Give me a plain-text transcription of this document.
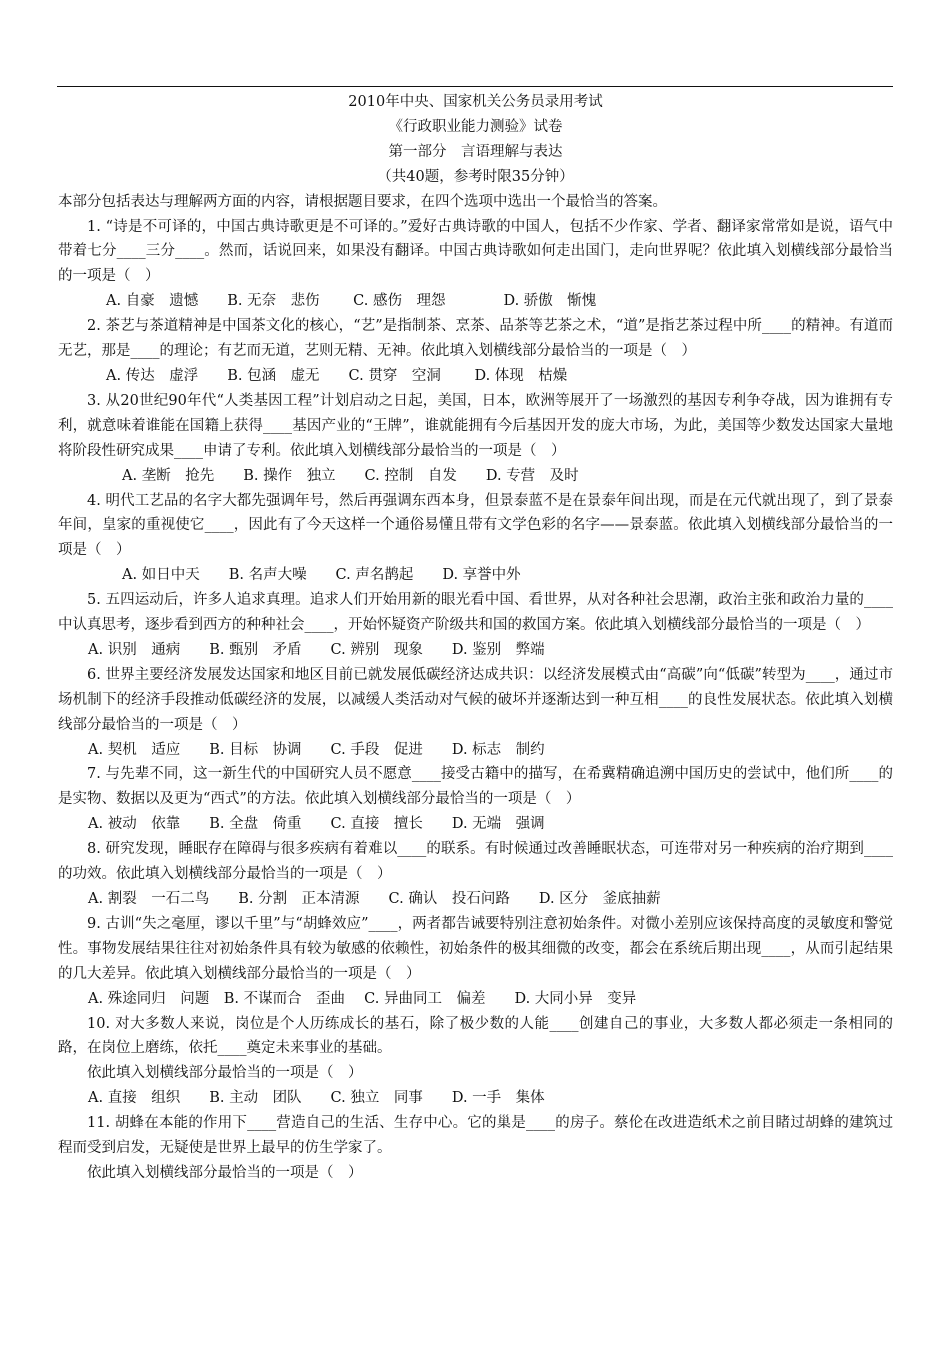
2010年中央、国家机关公务员录用考试
《行政职业能力测验》试卷
第一部分　言语理解与表达
（共40题，参考时限35分钟）
本部分包括表达与理解两方面的内容，请根据题目要求，在四个选项中选出一个最恰当的答案。
1. “诗是不可译的，中国古典诗歌更是不可译的。”爱好古典诗歌的中国人，包括不少作家、学者、翻译家常常如是说，语气中带着七分____三分____。然而，话说回来，如果没有翻译。中国古典诗歌如何走出国门，走向世界呢？依此填入划横线部分最恰当的一项是（　）
A. 自豪　遗憾　　B. 无奈　悲伤　　 C. 感伤　理怨　　　　D. 骄傲　惭愧
2. 茶艺与茶道精神是中国茶文化的核心，“艺”是指制茶、烹茶、品茶等艺茶之术，“道”是指艺茶过程中所____的精神。有道而无艺，那是____的理论；有艺而无道，艺则无精、无神。依此填入划横线部分最恰当的一项是（　）
A. 传达　虚浮　　B. 包涵　虚无　　C. 贯穿　空洞　　 D. 体现　枯燥
3. 从20世纪90年代“人类基因工程”计划启动之日起，美国，日本，欧洲等展开了一场激烈的基因专利争夺战，因为谁拥有专利，就意味着谁能在国籍上获得____基因产业的“王牌”，谁就能拥有今后基因开发的庞大市场，为此，美国等少数发达国家大量地将阶段性研究成果____申请了专利。依此填入划横线部分最恰当的一项是（　）
A. 垄断　抢先　　B. 操作　独立　　C. 控制　自发　　D. 专营　及时
4. 明代工艺品的名字大都先强调年号，然后再强调东西本身，但景泰蓝不是在景泰年间出现，而是在元代就出现了，到了景泰年间，皇家的重视使它____，因此有了今天这样一个通俗易懂且带有文学色彩的名字——景泰蓝。依此填入划横线部分最恰当的一项是（　）
A. 如日中天　　B. 名声大噪　　C. 声名鹊起　　D. 享誉中外
5. 五四运动后，许多人追求真理。追求人们开始用新的眼光看中国、看世界，从对各种社会思潮，政治主张和政治力量的____中认真思考，逐步看到西方的种种社会____，开始怀疑资产阶级共和国的救国方案。依此填入划横线部分最恰当的一项是（　）
A. 识别　通病　　B. 甄别　矛盾　　C. 辨别　现象　　D. 鉴别　弊端
6. 世界主要经济发展发达国家和地区目前已就发展低碳经济达成共识：以经济发展模式由“高碳”向“低碳”转型为____，通过市场机制下的经济手段推动低碳经济的发展，以减缓人类活动对气候的破坏并逐渐达到一种互相____的良性发展状态。依此填入划横线部分最恰当的一项是（　）
A. 契机　适应　　B. 目标　协调　　C. 手段　促进　　D. 标志　制约
7. 与先辈不同，这一新生代的中国研究人员不愿意____接受古籍中的描写，在希冀精确追溯中国历史的尝试中，他们所____的是实物、数据以及更为“西式”的方法。依此填入划横线部分最恰当的一项是（　）
A. 被动　依靠　　B. 全盘　倚重　　C. 直接　擅长　　D. 无端　强调
8. 研究发现，睡眠存在障碍与很多疾病有着难以____的联系。有时候通过改善睡眠状态，可连带对另一种疾病的治疗期到____的功效。依此填入划横线部分最恰当的一项是（　）
A. 割裂　一石二鸟　　B. 分割　正本清源　　C. 确认　投石问路　　D. 区分　釜底抽薪
9. 古训“失之毫厘，谬以千里”与“胡蜂效应”____，两者都告诫要特别注意初始条件。对微小差别应该保持高度的灵敏度和警觉性。事物发展结果往往对初始条件具有较为敏感的依赖性，初始条件的极其细微的改变，都会在系统后期出现____，从而引起结果的几大差异。依此填入划横线部分最恰当的一项是（　）
A. 殊途同归　问题　B. 不谋而合　歪曲　 C. 异曲同工　偏差　　D. 大同小异　变异
10. 对大多数人来说，岗位是个人历练成长的基石，除了极少数的人能____创建自己的事业，大多数人都必须走一条相同的路，在岗位上磨练，依托____奠定未来事业的基础。
依此填入划横线部分最恰当的一项是（　）
A. 直接　组织　　B. 主动　团队　　C. 独立　同事　　D. 一手　集体
11. 胡蜂在本能的作用下____营造自己的生活、生存中心。它的巢是____的房子。蔡伦在改进造纸术之前目睹过胡蜂的建筑过程而受到启发，无疑使是世界上最早的仿生学家了。
依此填入划横线部分最恰当的一项是（　）
